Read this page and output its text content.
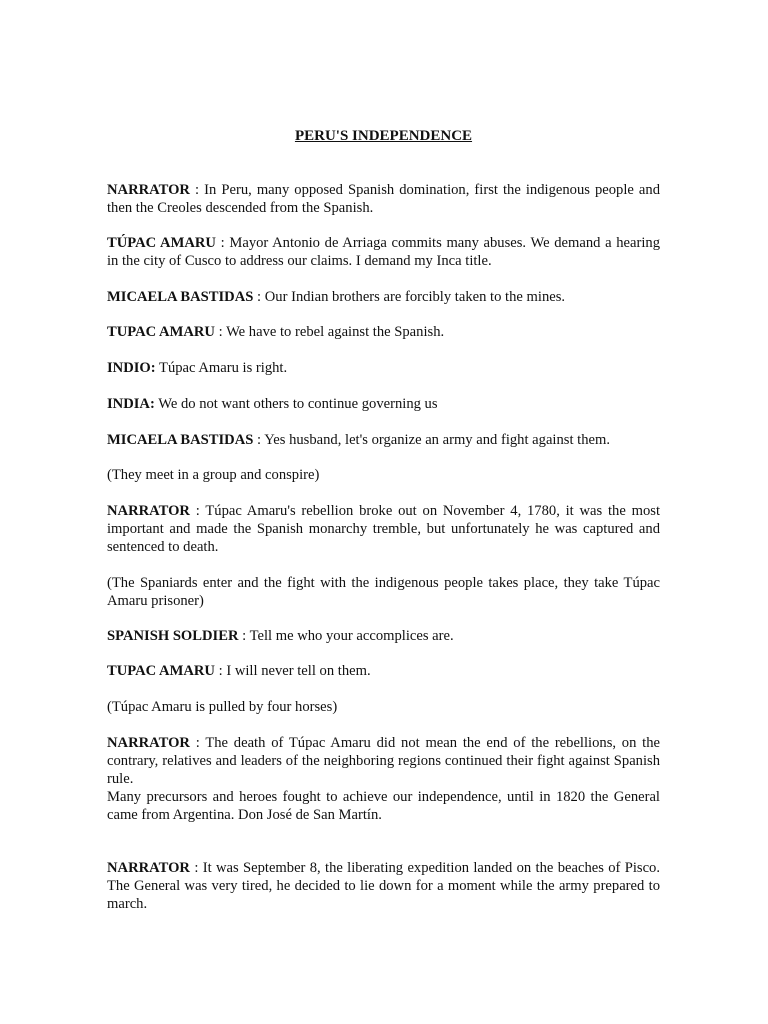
PERU'S INDEPENDENCE

NARRATOR : In Peru, many opposed Spanish domination, first the indigenous people and then the Creoles descended from the Spanish.

TÚPAC AMARU : Mayor Antonio de Arriaga commits many abuses. We demand a hearing in the city of Cusco to address our claims. I demand my Inca title.

MICAELA BASTIDAS : Our Indian brothers are forcibly taken to the mines.

TUPAC AMARU : We have to rebel against the Spanish.

INDIO: Túpac Amaru is right.

INDIA: We do not want others to continue governing us

MICAELA BASTIDAS : Yes husband, let's organize an army and fight against them.

(They meet in a group and conspire)

NARRATOR : Túpac Amaru's rebellion broke out on November 4, 1780, it was the most important and made the Spanish monarchy tremble, but unfortunately he was captured and sentenced to death.

(The Spaniards enter and the fight with the indigenous people takes place, they take Túpac Amaru prisoner)

SPANISH SOLDIER : Tell me who your accomplices are.

TUPAC AMARU : I will never tell on them.

(Túpac Amaru is pulled by four horses)

NARRATOR : The death of Túpac Amaru did not mean the end of the rebellions, on the contrary, relatives and leaders of the neighboring regions continued their fight against Spanish rule.

Many precursors and heroes fought to achieve our independence, until in 1820 the General came from Argentina. Don José de San Martín.

NARRATOR : It was September 8, the liberating expedition landed on the beaches of Pisco. The General was very tired, he decided to lie down for a moment while the army prepared to march.
